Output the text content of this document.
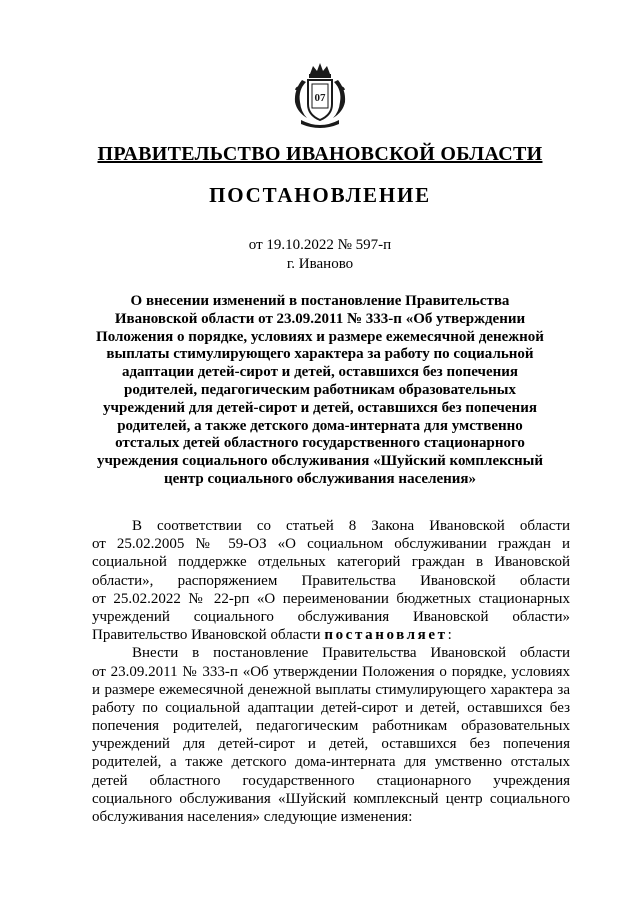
07
ПРАВИТЕЛЬСТВО ИВАНОВСКОЙ ОБЛАСТИ
ПОСТАНОВЛЕНИЕ
от 19.10.2022 № 597-п
г. Иваново
О внесении изменений в постановление Правительства
Ивановской области от 23.09.2011 № 333-п «Об утверждении
Положения о порядке, условиях и размере ежемесячной денежной
выплаты стимулирующего характера за работу по социальной
адаптации детей-сирот и детей, оставшихся без попечения
родителей, педагогическим работникам образовательных
учреждений для детей-сирот и детей, оставшихся без попечения
родителей, а также детского дома-интерната для умственно
отсталых детей областного государственного стационарного
учреждения социального обслуживания «Шуйский комплексный
центр социального обслуживания населения»
В соответствии со статьей 8 Закона Ивановской области
от 25.02.2005 № 59-ОЗ «О социальном обслуживании граждан и
социальной поддержке отдельных категорий граждан в Ивановской
области», распоряжением Правительства Ивановской области
от 25.02.2022 № 22-рп «О переименовании бюджетных стационарных
учреждений социального обслуживания Ивановской области»
Правительство Ивановской области постановляет:
Внести в постановление Правительства Ивановской области
от 23.09.2011 № 333-п «Об утверждении Положения о порядке, условиях
и размере ежемесячной денежной выплаты стимулирующего характера за
работу по социальной адаптации детей-сирот и детей, оставшихся без
попечения родителей, педагогическим работникам образовательных
учреждений для детей-сирот и детей, оставшихся без попечения
родителей, а также детского дома-интерната для умственно отсталых
детей областного государственного стационарного учреждения
социального обслуживания «Шуйский комплексный центр социального
обслуживания населения» следующие изменения:
